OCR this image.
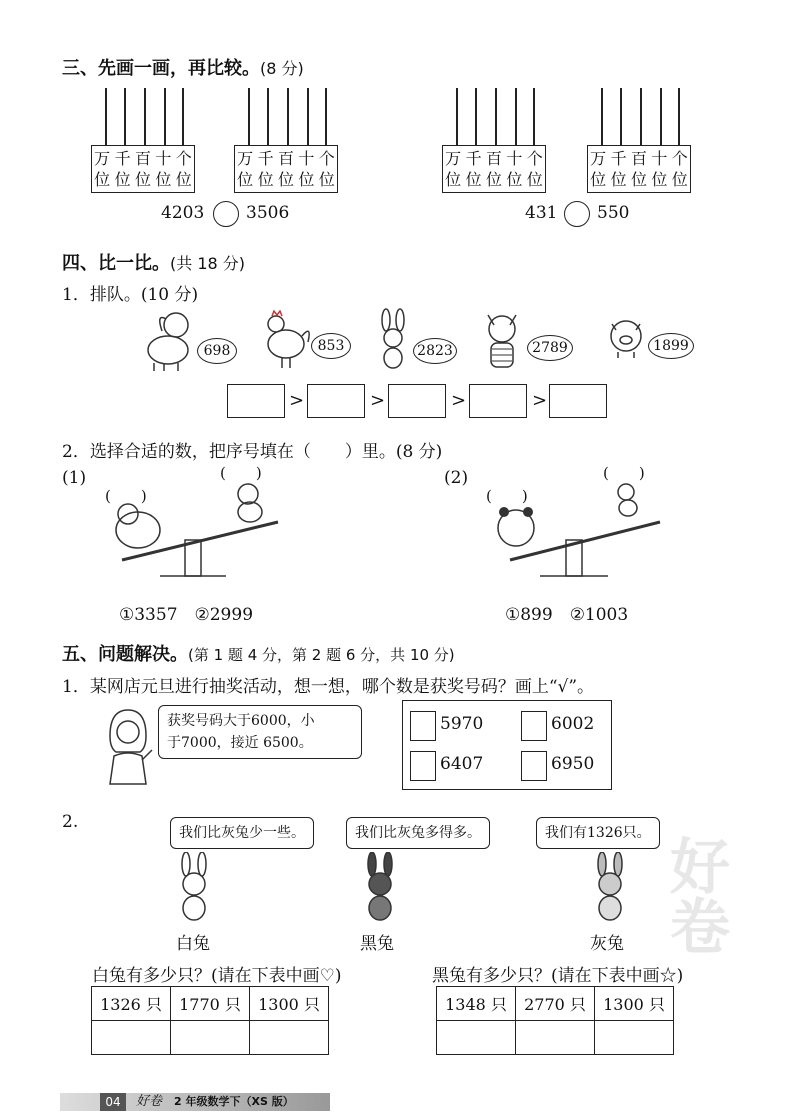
三、先画一画，再比较。(8 分)
万
位
千
位
百
位
十
位
个
位
万
位
千
位
百
位
十
位
个
位
万
位
千
位
百
位
十
位
个
位
万
位
千
位
百
位
十
位
个
位
4203 3506	431 550
四、比一比。(共 18 分)
1．排队。(10 分)
698	853	2823	2789	1899
>	>	>	>
2．选择合适的数，把序号填在（　　）里。(8 分)
(1)
(　　)
(　　)
①3357　②2999
(2)
(　　)
(　　)
①899　②1003
五、问题解决。(第 1 题 4 分，第 2 题 6 分，共 10 分)
1．某网店元旦进行抽奖活动，想一想，哪个数是获奖号码？画上“√”。
获奖号码大于6000，小
于7000，接近 6500。
5970	6002
6407	6950
2.
我们比灰兔少一些。	我们比灰兔多得多。	我们有1326只。
白兔	黑兔	灰兔
白兔有多少只？(请在下表中画♡)	黑兔有多少只？(请在下表中画☆)
1326 只	1770 只	1300 只
			1348 只	2770 只	1300 只

好卷
04	好卷 2 年级数学下（XS 版）
